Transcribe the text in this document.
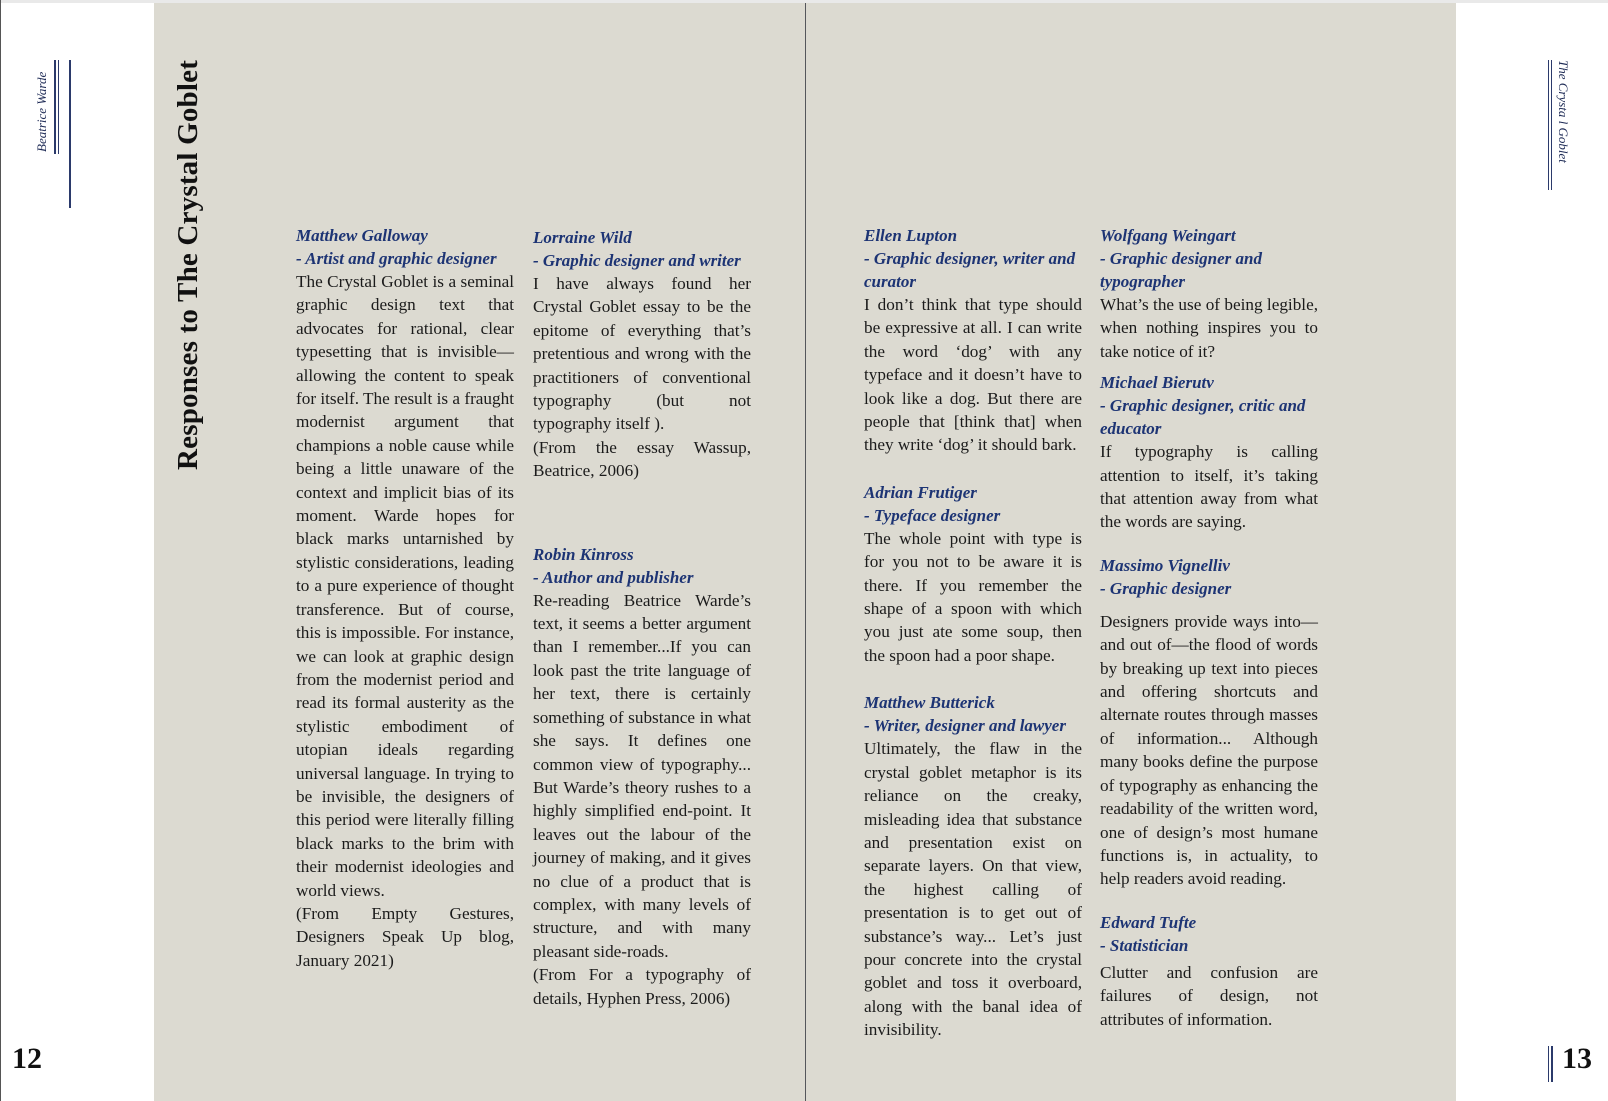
Beatrice Warde	The Crysta l Goblet
12	13
Responses to The Crystal Goblet	Matthew Galloway
- Artist and graphic designer

The Crystal Goblet is a seminal graphic design text that advocates for rational, clear typesetting that is invisible—allowing the content to speak for itself. The result is a fraught modernist argument that champions a noble cause while being a little unaware of the context and implicit bias of its moment. Warde hopes for black marks untarnished by stylistic considerations, leading to a pure experience of thought transference. But of course, this is impossible. For instance, we can look at graphic design from the modernist period and read its formal austerity as the stylistic embodiment of utopian ideals regarding universal language. In trying to be invisible, the designers of this period were literally filling black marks to the brim with their modernist ideologies and world views.

(From Empty Gestures, Designers Speak Up blog, January 2021)

Lorraine Wild
- Graphic designer and writer

I have always found her Crystal Goblet essay to be the epitome of everything that’s pretentious and wrong with the practitioners of conventional typography (but not typography itself ).

(From the essay Wassup, Beatrice, 2006)

Robin Kinross
- Author and publisher

Re-reading Beatrice Warde’s text, it seems a better argument than I remember...If you can look past the trite language of her text, there is certainly something of substance in what she says. It defines one common view of typography... But Warde’s theory rushes to a highly simplified end-point. It leaves out the labour of the journey of making, and it gives no clue of a product that is complex, with many levels of structure, and with many pleasant side-roads.

(From For a typography of details, Hyphen Press, 2006)

Ellen Lupton
- Graphic designer, writer and curator

I don’t think that type should be expressive at all. I can write the word ‘dog’ with any typeface and it doesn’t have to look like a dog. But there are people that [think that] when they write ‘dog’ it should bark.

Adrian Frutiger
- Typeface designer

The whole point with type is for you not to be aware it is there. If you remember the shape of a spoon with which you just ate some soup, then the spoon had a poor shape.

Matthew Butterick
- Writer, designer and lawyer

Ultimately, the flaw in the crystal goblet metaphor is its reliance on the creaky, misleading idea that substance and presentation exist on separate layers. On that view, the highest calling of presentation is to get out of substance’s way... Let’s just pour concrete into the crystal goblet and toss it overboard, along with the banal idea of invisibility.

Wolfgang Weingart
- Graphic designer and typographer

What’s the use of being legible, when nothing inspires you to take notice of it?

Michael Bierutv
- Graphic designer, critic and educator

If typography is calling attention to itself, it’s taking that attention away from what the words are saying.

Massimo Vignelliv
- Graphic designer

Designers provide ways into—and out of—the flood of words by breaking up text into pieces and offering shortcuts and alternate routes through masses of information... Although many books define the purpose of typography as enhancing the readability of the written word, one of design’s most humane functions is, in actuality, to help readers avoid reading.

Edward Tufte
- Statistician

Clutter and confusion are failures of design, not attributes of information.
